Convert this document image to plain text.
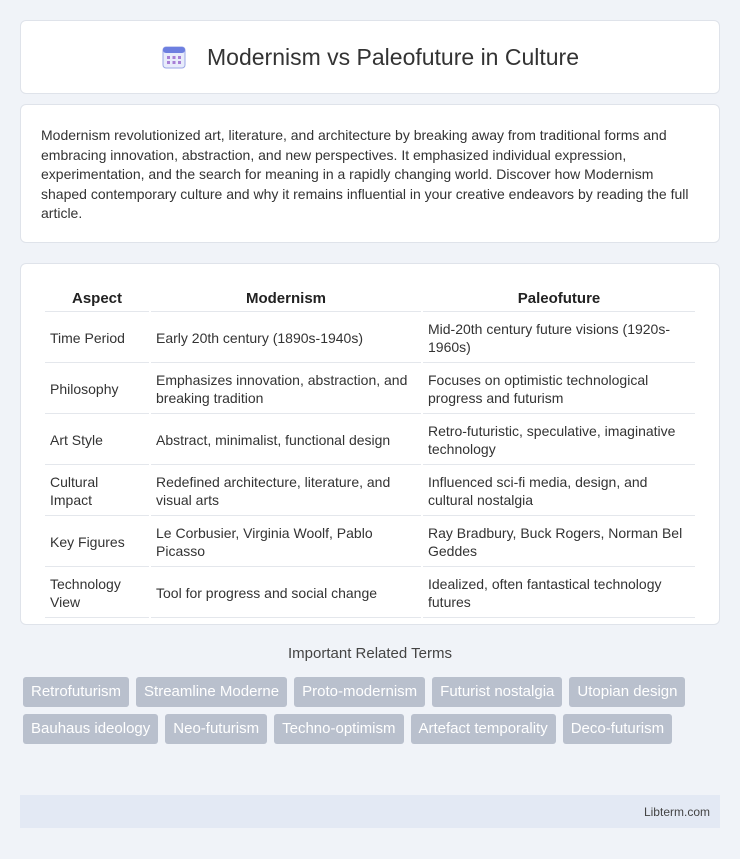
Modernism vs Paleofuture in Culture

Modernism revolutionized art, literature, and architecture by breaking away from traditional forms and embracing innovation, abstraction, and new perspectives. It emphasized individual expression, experimentation, and the search for meaning in a rapidly changing world. Discover how Modernism shaped contemporary culture and why it remains influential in your creative endeavors by reading the full article.

Aspect	Modernism	Paleofuture
Time Period	Early 20th century (1890s-1940s)	Mid-20th century future visions (1920s-1960s)
Philosophy	Emphasizes innovation, abstraction, and breaking tradition	Focuses on optimistic technological progress and futurism
Art Style	Abstract, minimalist, functional design	Retro-futuristic, speculative, imaginative technology
Cultural Impact	Redefined architecture, literature, and visual arts	Influenced sci-fi media, design, and cultural nostalgia
Key Figures	Le Corbusier, Virginia Woolf, Pablo Picasso	Ray Bradbury, Buck Rogers, Norman Bel Geddes
Technology View	Tool for progress and social change	Idealized, often fantastical technology futures
Important Related Terms
Retrofuturism	Streamline Moderne	Proto-modernism	Futurist nostalgia	Utopian design
Bauhaus ideology	Neo-futurism	Techno-optimism	Artefact temporality	Deco-futurism
Libterm.com
